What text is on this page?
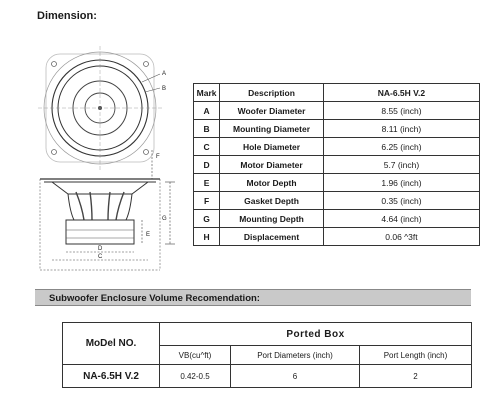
Dimension:
A
B
F
G
E
D
C
Mark	Description	NA-6.5H V.2
A	Woofer Diameter	8.55 (inch)
B	Mounting Diameter	8.11 (inch)
C	Hole Diameter	6.25 (inch)
D	Motor Diameter	5.7 (inch)
E	Motor Depth	1.96 (inch)
F	Gasket Depth	0.35 (inch)
G	Mounting Depth	4.64 (inch)
H	Displacement	0.06 ^3ft
Subwoofer Enclosure Volume Recomendation:
MoDel NO.	Ported Box		
	VB(cu^ft)	Port Diameters (inch)	Port Length (inch)
NA-6.5H V.2	0.42-0.5	6	2
